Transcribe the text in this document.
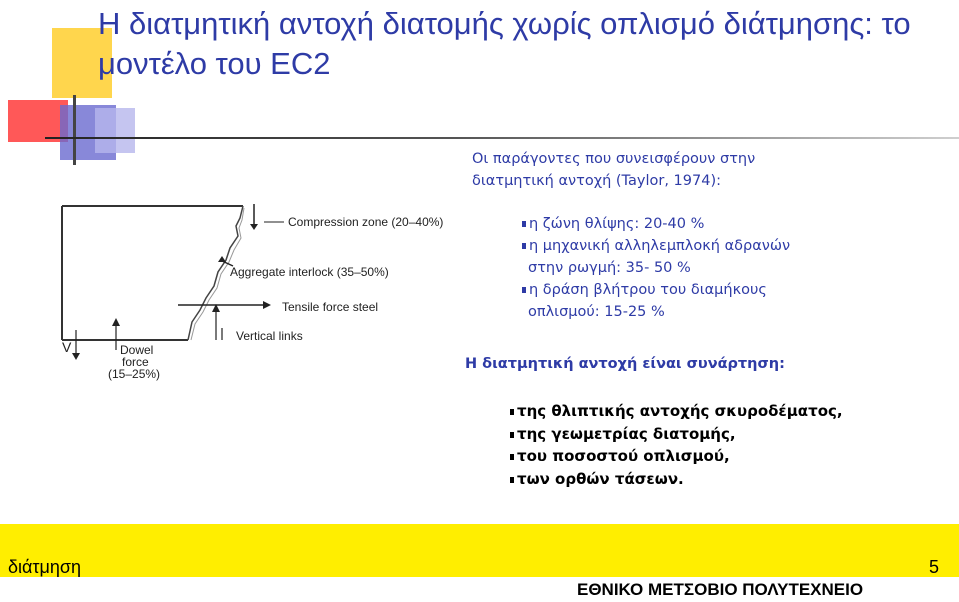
Η διατμητική αντοχή διατομής χωρίς οπλισμό διάτμησης: το μοντέλο του EC2
Compression zone (20–40%)
Aggregate interlock (35–50%)
Tensile force steel
Vertical links
Dowel
force
(15–25%)
V
Οι παράγοντες που συνεισφέρουν στην
διατμητική αντοχή (Taylor, 1974):
η ζώνη θλίψης: 20-40 %
η μηχανική αλληλεμπλοκή αδρανών
στην ρωγμή: 35- 50 %
η δράση βλήτρου του διαμήκους
οπλισμού: 15-25 %
Η διατμητική αντοχή είναι συνάρτηση:
της θλιπτικής αντοχής σκυροδέματος,
της γεωμετρίας διατομής,
του ποσοστού οπλισμού,
των ορθών τάσεων.
διάτμηση	5
ΕΘΝΙΚΟ ΜΕΤΣΟΒΙΟ ΠΟΛΥΤΕΧΝΕΙΟ
